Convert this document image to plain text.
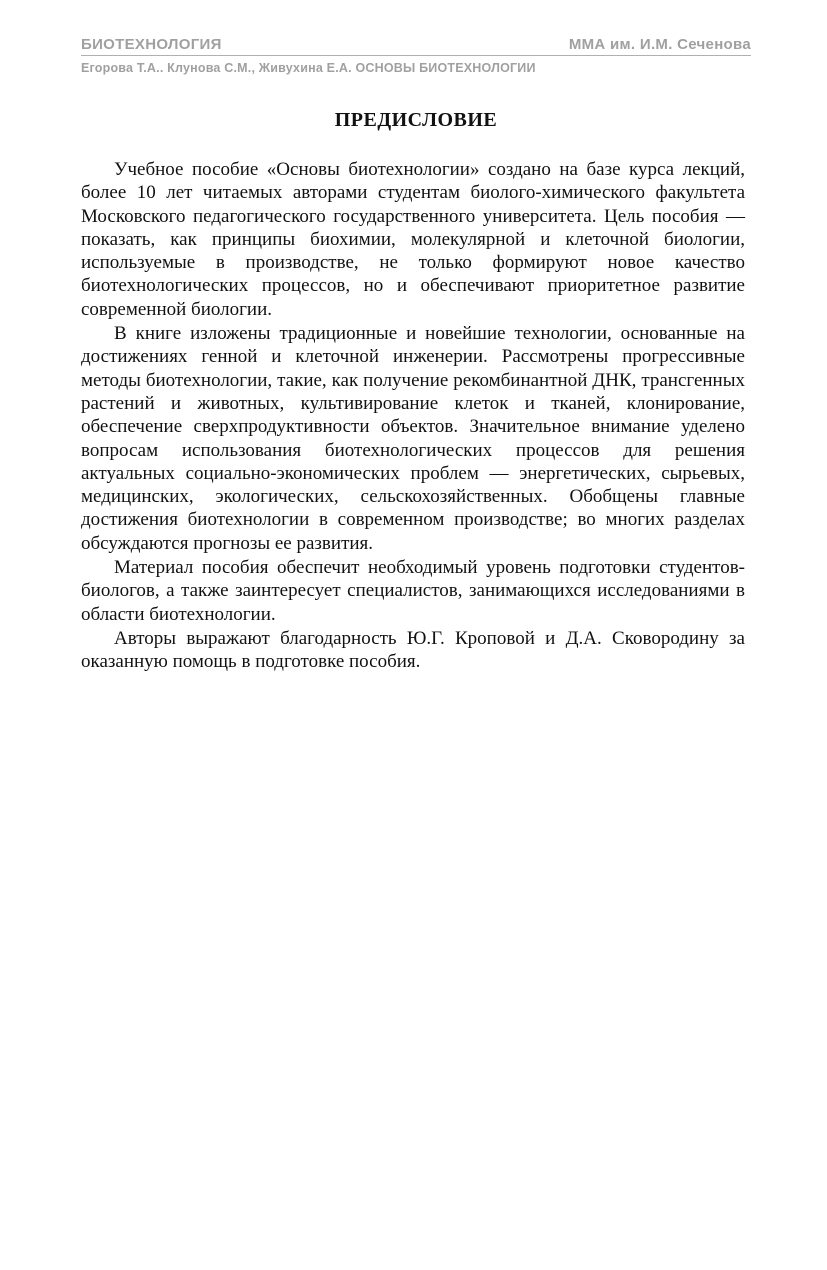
БИОТЕХНОЛОГИЯ	ММА им. И.М. Сеченова
Егорова Т.А.. Клунова С.М., Живухина Е.А. ОСНОВЫ БИОТЕХНОЛОГИИ
ПРЕДИСЛОВИЕ

Учебное пособие «Основы биотехнологии» создано на базе курса лекций, более 10 лет читаемых авторами студентам биолого-химического факультета Московского педагогического государственного университета. Цель пособия — показать, как принципы биохимии, молекулярной и клеточной биологии, используемые в производстве, не только формируют новое качество биотехнологических процессов, но и обеспечивают приоритетное развитие современной биологии.

В книге изложены традиционные и новейшие технологии, основанные на достижениях генной и клеточной инженерии. Рассмотрены прогрессивные методы биотехнологии, такие, как получение рекомбинантной ДНК, трансгенных растений и животных, культивирование клеток и тканей, клонирование, обеспечение сверхпродуктивности объектов. Значительное внимание уделено вопросам использования биотехнологических процессов для решения актуальных социально-экономических проблем — энергетических, сырьевых, медицинских, экологических, сельскохозяйственных. Обобщены главные достижения биотехнологии в современном производстве; во многих разделах обсуждаются прогнозы ее развития.

Материал пособия обеспечит необходимый уровень подготовки студентов-биологов, а также заинтересует специалистов, занимающихся исследованиями в области биотехнологии.

Авторы выражают благодарность Ю.Г. Кроповой и Д.А. Сковородину за оказанную помощь в подготовке пособия.
